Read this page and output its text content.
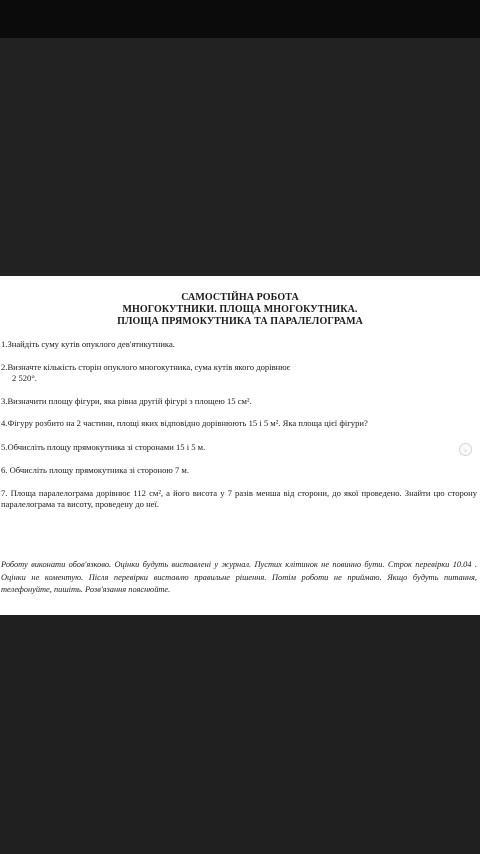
САМОСТІЙНА РОБОТА
МНОГОКУТНИКИ. ПЛОЩА МНОГОКУТНИКА.
ПЛОЩА ПРЯМОКУТНИКА ТА ПАРАЛЕЛОГРАМА
1.Знайдіть суму кутів опуклого дев'ятикутника.
2.Визначте кількість сторін опуклого многокутника, сума кутів якого дорівнює
2 520°.
3.Визначити площу фігури, яка рівна другій фігурі з площею 15 см².
4.Фігуру розбито на 2 частини, площі яких відповідно дорівнюють 15 і 5 м². Яка площа цієї фігури?
5.Обчисліть площу прямокутника зі сторонами 15 і 5 м.
6. Обчисліть площу прямокутника зі стороною 7 м.
7. Площа паралелограма дорівнює 112 см², а його висота у 7 разів менша від сторони, до якої проведено. Знайти цю сторону паралелограма та висоту, проведену до неї.
Роботу виконати обов'язково. Оцінки будуть виставлені у журнал. Пустих клітинок не повинно бути. Строк перевірки 10.04 . Оцінки не коментую. Після перевірки виставлю правильне рішення. Потім роботи не приймаю. Якщо будуть питання, телефонуйте, пишіть. Розв'язання пояснюйте.
›
